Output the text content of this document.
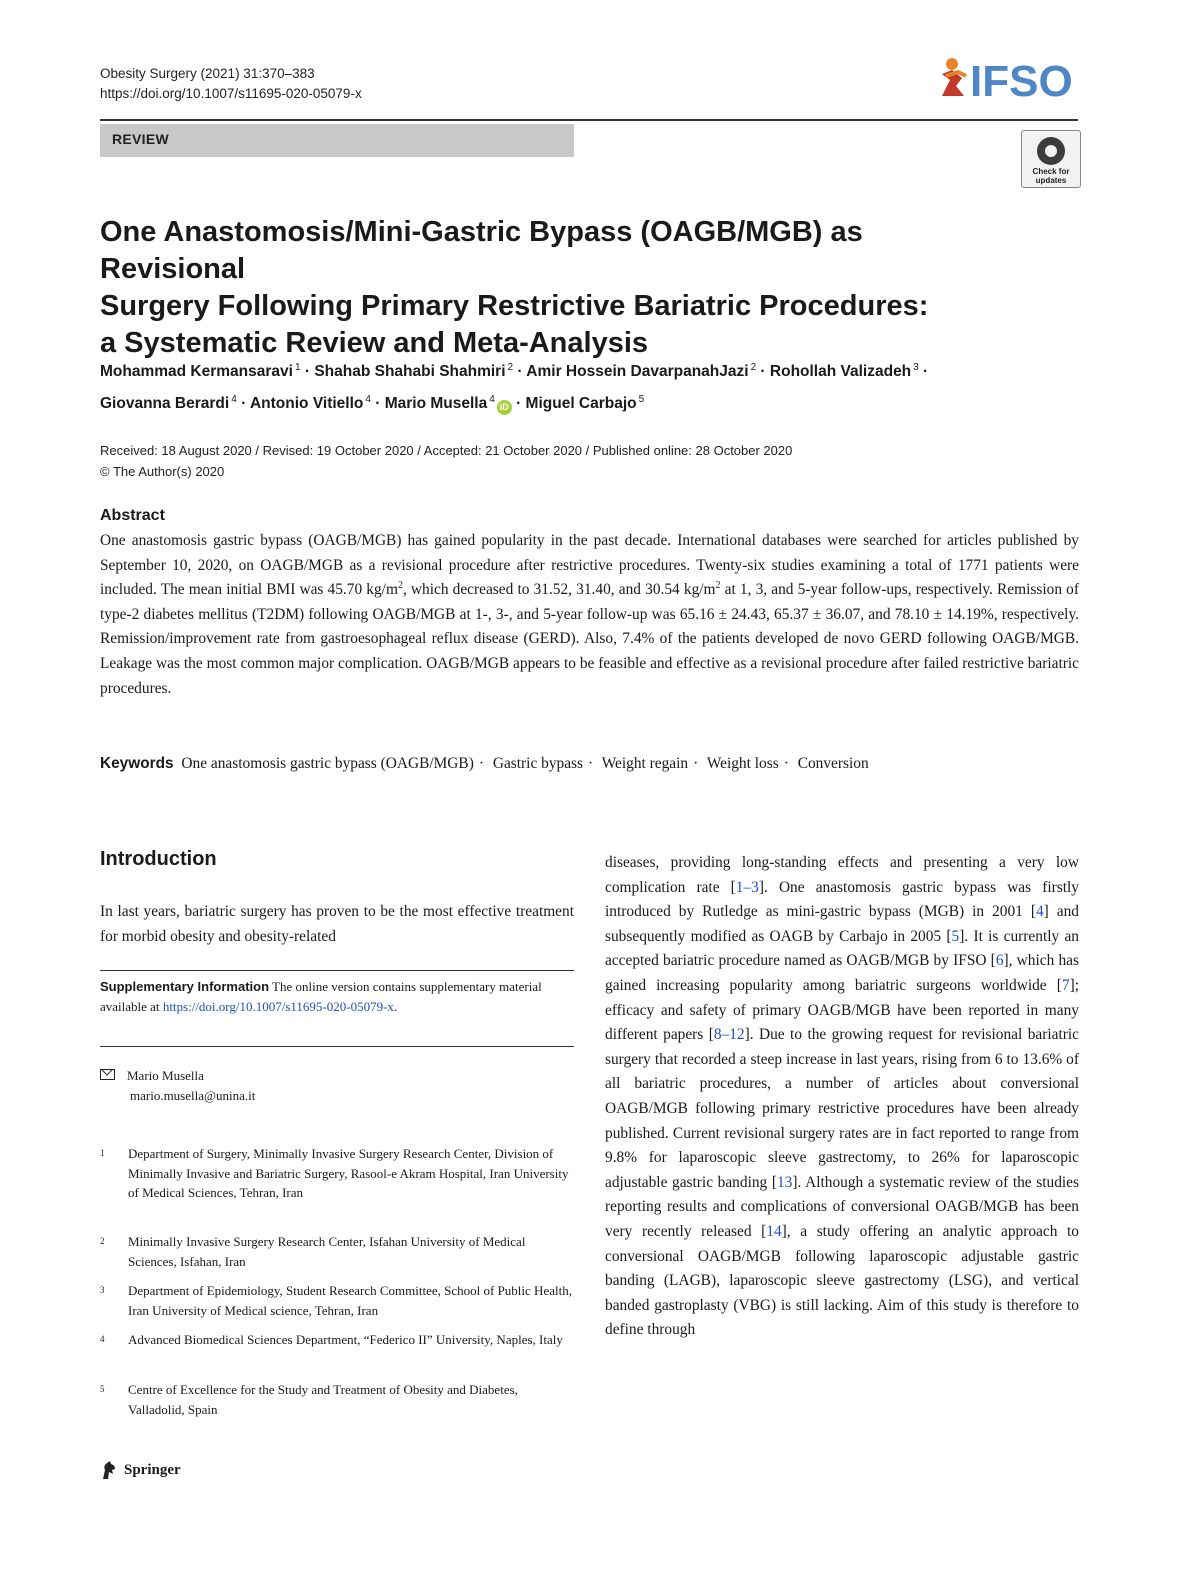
Obesity Surgery (2021) 31:370–383
https://doi.org/10.1007/s11695-020-05079-x	IFSO
REVIEW
Check for updates
One Anastomosis/Mini-Gastric Bypass (OAGB/MGB) as Revisional
Surgery Following Primary Restrictive Bariatric Procedures:
a Systematic Review and Meta-Analysis
Mohammad Kermansaravi $^1$ · Shahab Shahabi Shahmiri $^2$ · Amir Hossein DavarpanahJazi $^2$ · Rohollah Valizadeh $^3$ ·
Giovanna Berardi $^4$ · Antonio Vitiello $^4$ · Mario Musella $^4$iD · Miguel Carbajo $^5$
Received: 18 August 2020 / Revised: 19 October 2020 / Accepted: 21 October 2020 / Published online: 28 October 2020
© The Author(s) 2020
Abstract
One anastomosis gastric bypass (OAGB/MGB) has gained popularity in the past decade. International databases were searched for articles published by September 10, 2020, on OAGB/MGB as a revisional procedure after restrictive procedures. Twenty-six studies examining a total of 1771 patients were included. The mean initial BMI was 45.70 $kg/m^2$, which decreased to 31.52, 31.40, and 30.54 $kg/m^2$ at 1, 3, and 5-year follow-ups, respectively. Remission of type-2 diabetes mellitus (T2DM) following OAGB/MGB at 1-, 3-, and 5-year follow-up was 65.16 ± 24.43, 65.37 ± 36.07, and 78.10 ± 14.19%, respectively. Remission/improvement rate from gastroesophageal reflux disease (GERD). Also, 7.4% of the patients developed de novo GERD following OAGB/MGB. Leakage was the most common major complication. OAGB/MGB appears to be feasible and effective as a revisional procedure after failed restrictive bariatric procedures.
Keywords One anastomosis gastric bypass (OAGB/MGB) · Gastric bypass · Weight regain · Weight loss · Conversion
Introduction
In last years, bariatric surgery has proven to be the most effective treatment for morbid obesity and obesity-related
Supplementary Information The online version contains supplementary material available at https://doi.org/10.1007/s11695-020-05079-x.
Mario Musella
mario.musella@unina.it
1 Department of Surgery, Minimally Invasive Surgery Research Center, Division of Minimally Invasive and Bariatric Surgery, Rasool-e Akram Hospital, Iran University of Medical Sciences, Tehran, Iran
2 Minimally Invasive Surgery Research Center, Isfahan University of Medical Sciences, Isfahan, Iran
3 Department of Epidemiology, Student Research Committee, School of Public Health, Iran University of Medical science, Tehran, Iran
4 Advanced Biomedical Sciences Department, “Federico II” University, Naples, Italy
5 Centre of Excellence for the Study and Treatment of Obesity and Diabetes, Valladolid, Spain
Springer
diseases, providing long-standing effects and presenting a very low complication rate [1–3]. One anastomosis gastric bypass was firstly introduced by Rutledge as mini-gastric bypass (MGB) in 2001 [4] and subsequently modified as OAGB by Carbajo in 2005 [5]. It is currently an accepted bariatric procedure named as OAGB/MGB by IFSO [6], which has gained increasing popularity among bariatric surgeons worldwide [7]; efficacy and safety of primary OAGB/MGB have been reported in many different papers [8–12]. Due to the growing request for revisional bariatric surgery that recorded a steep increase in last years, rising from 6 to 13.6% of all bariatric procedures, a number of articles about conversional OAGB/MGB following primary restrictive procedures have been already published. Current revisional surgery rates are in fact reported to range from 9.8% for laparoscopic sleeve gastrectomy, to 26% for laparoscopic adjustable gastric banding [13]. Although a systematic review of the studies reporting results and complications of conversional OAGB/MGB has been very recently released [14], a study offering an analytic approach to conversional OAGB/MGB following laparoscopic adjustable gastric banding (LAGB), laparoscopic sleeve gastrectomy (LSG), and vertical banded gastroplasty (VBG) is still lacking. Aim of this study is therefore to define through
